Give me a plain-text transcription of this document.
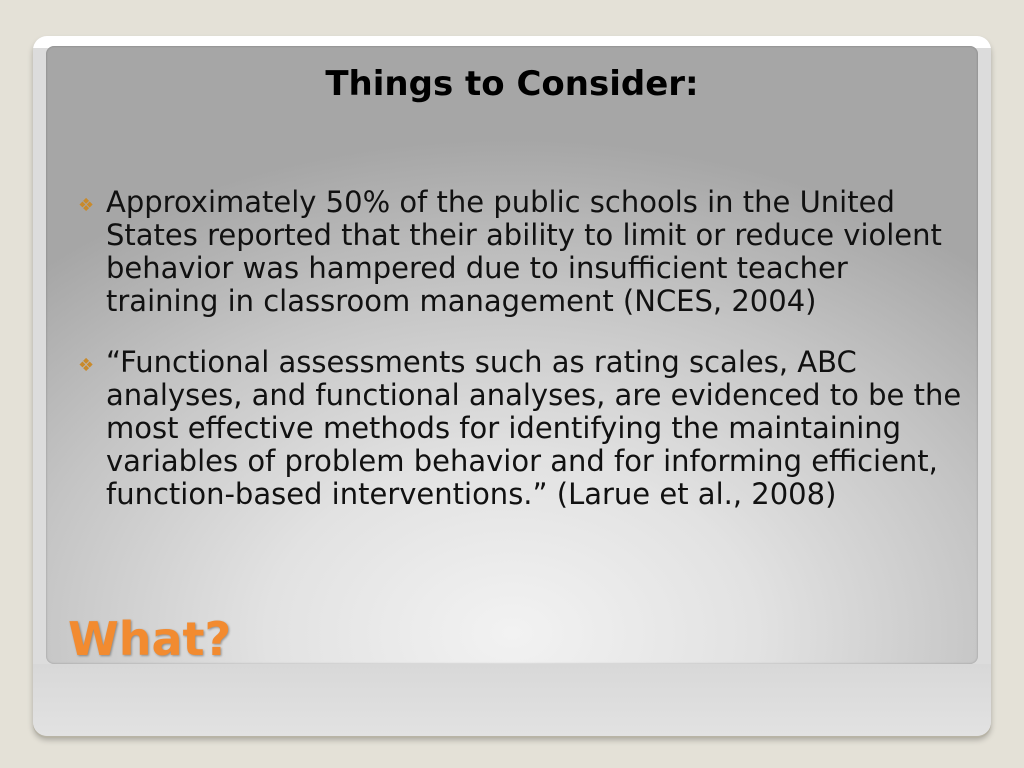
Things to Consider:
❖ Approximately 50% of the public schools in the United States reported that their ability to limit or reduce violent behavior was hampered due to insufficient teacher training in classroom management (NCES, 2004)
❖ “Functional assessments such as rating scales, ABC analyses, and functional analyses, are evidenced to be the most effective methods for identifying the maintaining variables of problem behavior and for informing efficient, function-based interventions.” (Larue et al., 2008)
What?
